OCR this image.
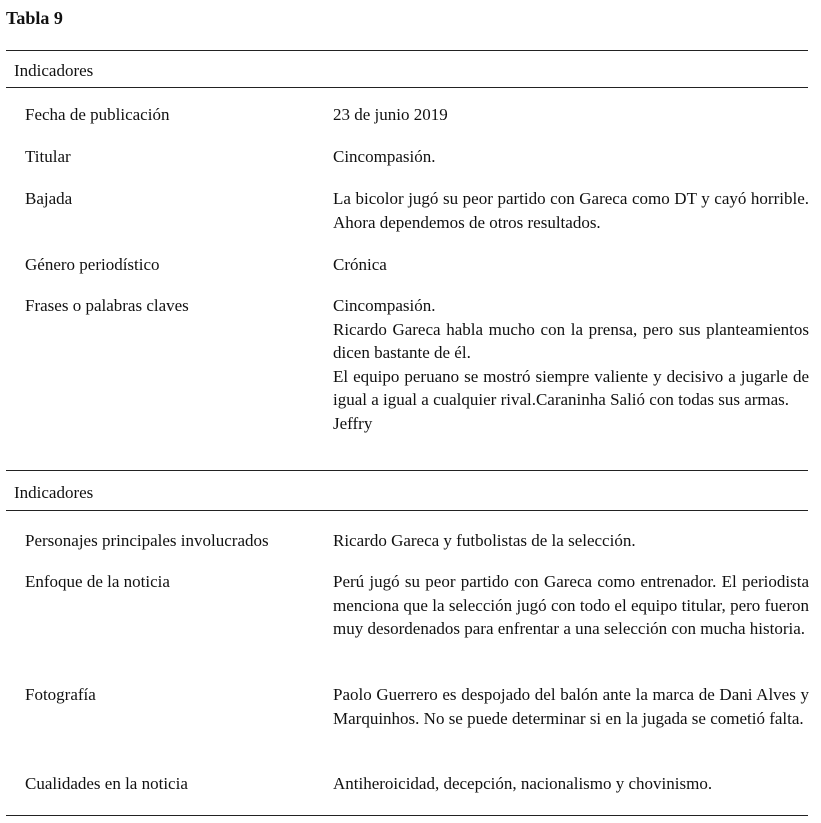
Tabla 9
Indicadores
Fecha de publicación	23 de junio 2019
Titular	Cincompasión.
Bajada	La bicolor jugó su peor partido con Gareca como DT y cayó horrible. Ahora dependemos de otros resultados.
Género periodístico	Crónica
Frases o palabras claves	Cincompasión.
Ricardo Gareca habla mucho con la prensa, pero sus planteamientos dicen bastante de él.
El equipo peruano se mostró siempre valiente y decisivo a jugarle de igual a igual a cualquier rival.Caraninha Salió con todas sus armas.
Jeffry
Indicadores
Personajes principales involucrados	Ricardo Gareca y futbolistas de la selección.
Enfoque de la noticia	Perú jugó su peor partido con Gareca como entrenador. El periodista menciona que la selección jugó con todo el equipo titular, pero fueron muy desordenados para enfrentar a una selección con mucha historia.
Fotografía	Paolo Guerrero es despojado del balón ante la marca de Dani Alves y Marquinhos. No se puede determinar si en la jugada se cometió falta.
Cualidades en la noticia	Antiheroicidad, decepción, nacionalismo y chovinismo.
